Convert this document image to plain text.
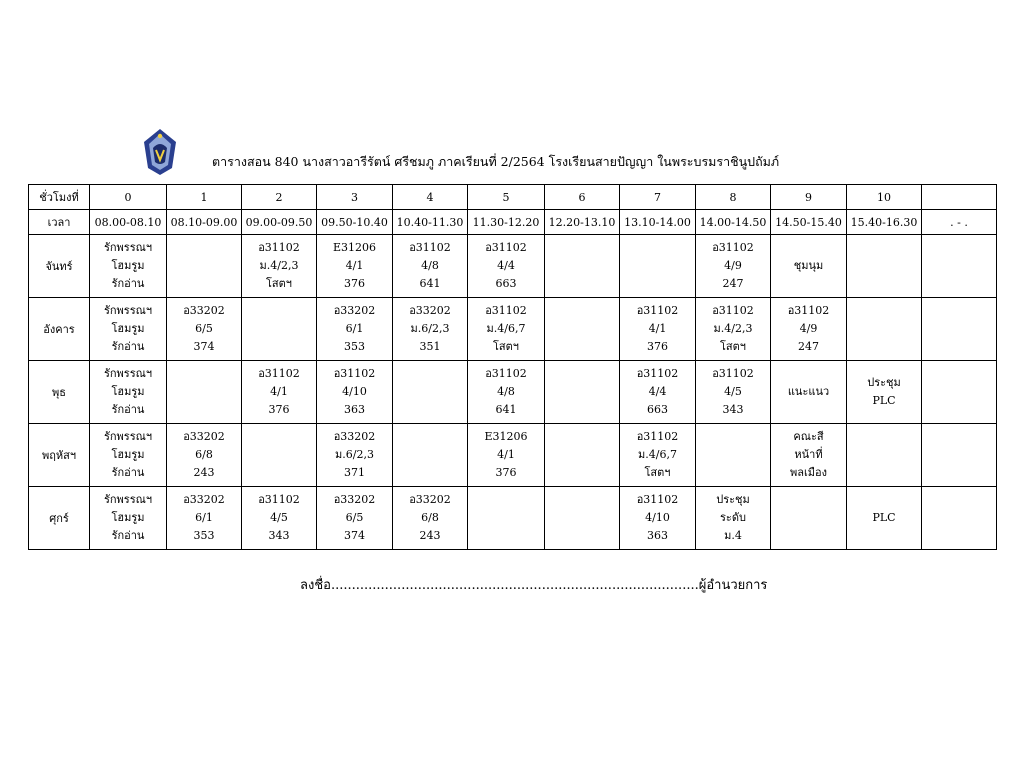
ตารางสอน 840 นางสาวอารีรัตน์ ศรีชมภู ภาคเรียนที่ 2/2564 โรงเรียนสายปัญญา ในพระบรมราชินูปถัมภ์
ชั่วโมงที่	0	1	2	3	4	5	6	7	8	9	10	
เวลา	08.00-08.10	08.10-09.00	09.00-09.50	09.50-10.40	10.40-11.30	11.30-12.20	12.20-13.10	13.10-14.00	14.00-14.50	14.50-15.40	15.40-16.30	. - .
จันทร์	รักพรรณฯ
โฮมรูม
รักอ่าน		อ31102
ม.4/2,3
โสตฯ	E31206
4/1
376	อ31102
4/8
641	อ31102
4/4
663			อ31102
4/9
247	ชุมนุม		

อังคาร	รักพรรณฯ
โฮมรูม
รักอ่าน	อ33202
6/5
374		อ33202
6/1
353	อ33202
ม.6/2,3
351	อ31102
ม.4/6,7
โสตฯ		อ31102
4/1
376	อ31102
ม.4/2,3
โสตฯ	อ31102
4/9
247		

พุธ	รักพรรณฯ
โฮมรูม
รักอ่าน		อ31102
4/1
376	อ31102
4/10
363		อ31102
4/8
641		อ31102
4/4
663	อ31102
4/5
343	แนะแนว	ประชุม
PLC	

พฤหัสฯ	รักพรรณฯ
โฮมรูม
รักอ่าน	อ33202
6/8
243		อ33202
ม.6/2,3
371		E31206
4/1
376		อ31102
ม.4/6,7
โสตฯ		คณะสี
หน้าที่
พลเมือง		

ศุกร์	รักพรรณฯ
โฮมรูม
รักอ่าน	อ33202
6/1
353	อ31102
4/5
343	อ33202
6/5
374	อ33202
6/8
243			อ31102
4/10
363	ประชุม
ระดับ
ม.4		PLC	

ลงชื่อ.........................................................................................ผู้อำนวยการ
